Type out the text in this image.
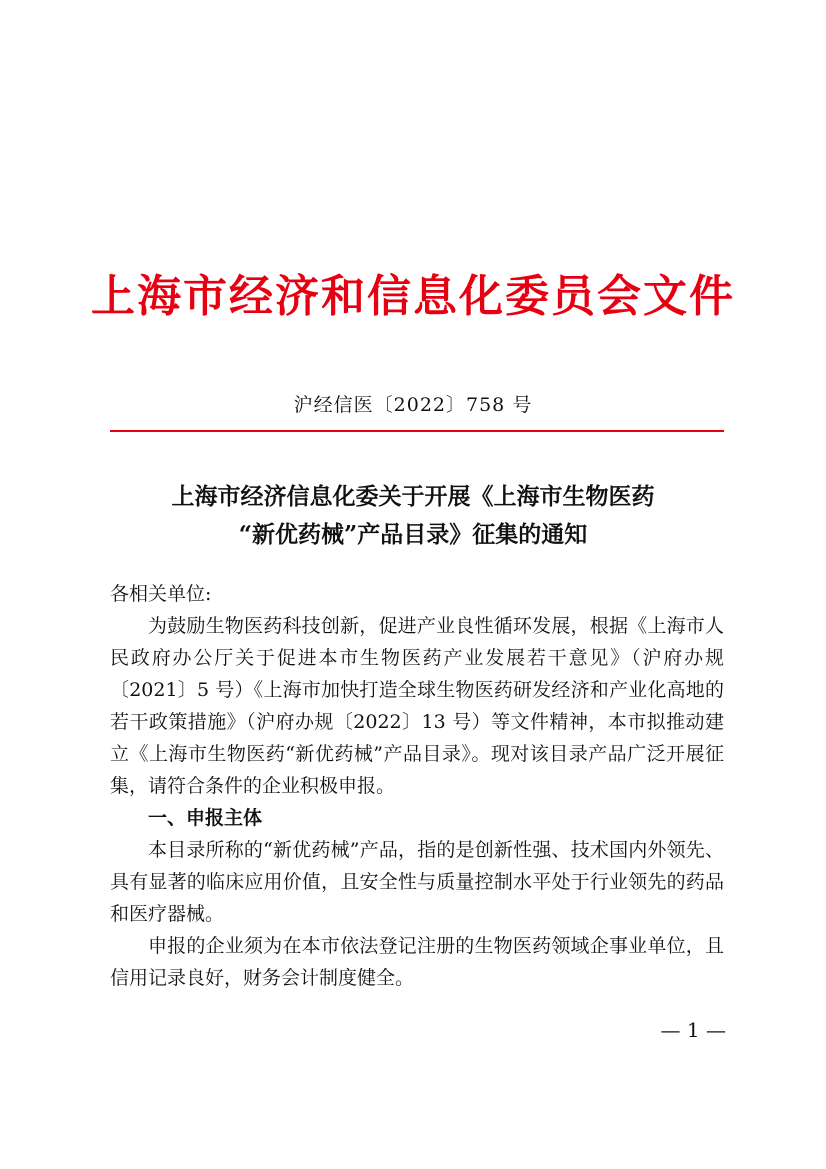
上海市经济和信息化委员会文件
沪经信医〔2022〕758 号
上海市经济信息化委关于开展《上海市生物医药
“新优药械”产品目录》征集的通知

各相关单位:

为鼓励生物医药科技创新，促进产业良性循环发展，根据《上海市人民政府办公厅关于促进本市生物医药产业发展若干意见》（沪府办规〔2021〕5 号）《上海市加快打造全球生物医药研发经济和产业化高地的若干政策措施》（沪府办规〔2022〕13 号）等文件精神，本市拟推动建立《上海市生物医药“新优药械”产品目录》。现对该目录产品广泛开展征集，请符合条件的企业积极申报。

一、申报主体

本目录所称的“新优药械”产品，指的是创新性强、技术国内外领先、具有显著的临床应用价值，且安全性与质量控制水平处于行业领先的药品和医疗器械。

申报的企业须为在本市依法登记注册的生物医药领域企事业单位，且信用记录良好，财务会计制度健全。

— 1 —
